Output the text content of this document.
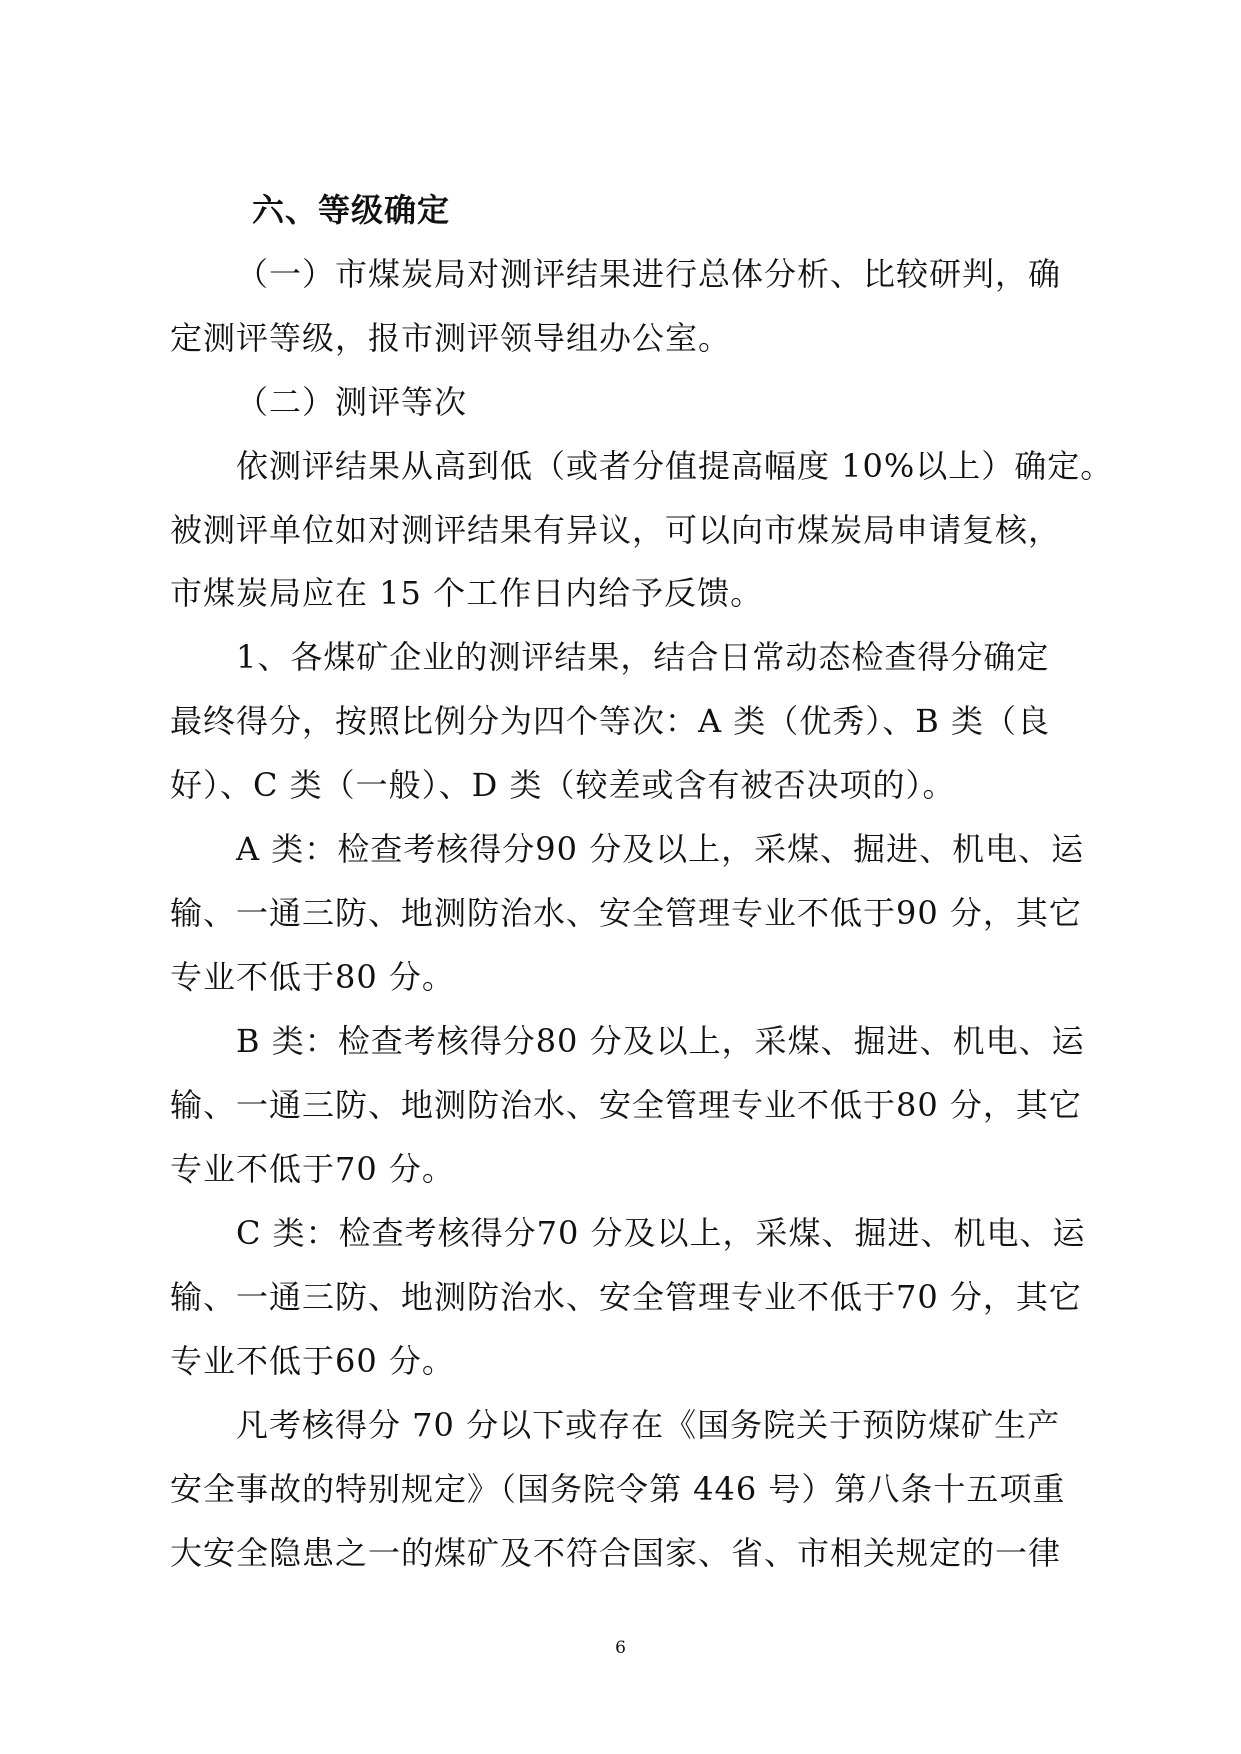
六、等级确定
（一）市煤炭局对测评结果进行总体分析、比较研判，确
定测评等级，报市测评领导组办公室。
（二）测评等次
依测评结果从高到低（或者分值提高幅度 10%以上）确定。
被测评单位如对测评结果有异议，可以向市煤炭局申请复核，
市煤炭局应在 15 个工作日内给予反馈。
1、各煤矿企业的测评结果，结合日常动态检查得分确定
最终得分，按照比例分为四个等次：A 类（优秀）、B 类（良
好）、C 类（一般）、D 类（较差或含有被否决项的）。
A 类：检查考核得分90 分及以上，采煤、掘进、机电、运
输、一通三防、地测防治水、安全管理专业不低于90 分，其它
专业不低于80 分。
B 类：检查考核得分80 分及以上，采煤、掘进、机电、运
输、一通三防、地测防治水、安全管理专业不低于80 分，其它
专业不低于70 分。
C 类：检查考核得分70 分及以上，采煤、掘进、机电、运
输、一通三防、地测防治水、安全管理专业不低于70 分，其它
专业不低于60 分。
凡考核得分 70 分以下或存在《国务院关于预防煤矿生产
安全事故的特别规定》（国务院令第 446 号）第八条十五项重
大安全隐患之一的煤矿及不符合国家、省、市相关规定的一律
6
